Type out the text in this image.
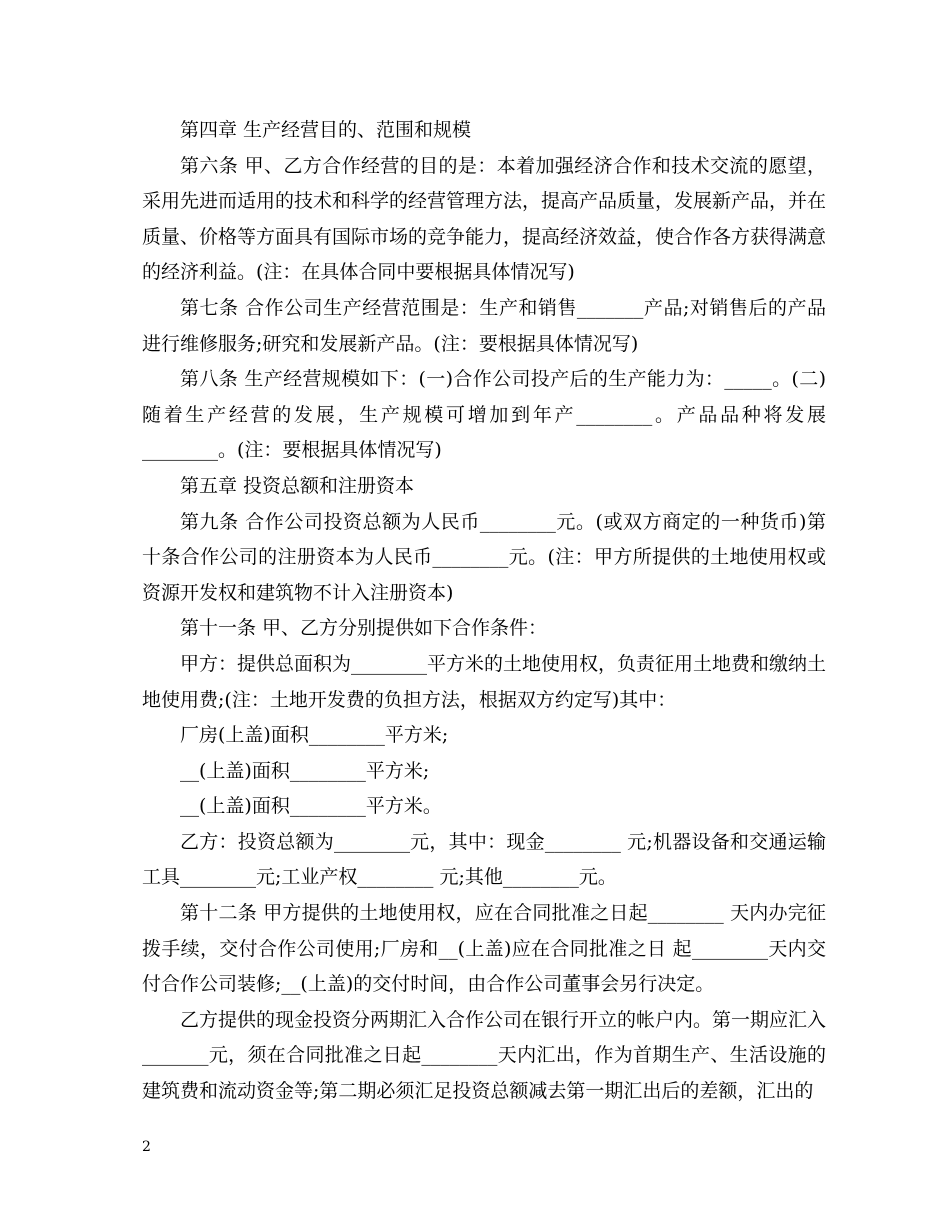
第四章 生产经营目的、范围和规模

第六条 甲、乙方合作经营的目的是：本着加强经济合作和技术交流的愿望，采用先进而适用的技术和科学的经营管理方法，提高产品质量，发展新产品，并在质量、价格等方面具有国际市场的竞争能力，提高经济效益，使合作各方获得满意的经济利益。(注：在具体合同中要根据具体情况写)

第七条 合作公司生产经营范围是：生产和销售_______产品;对销售后的产品进行维修服务;研究和发展新产品。(注：要根据具体情况写)

第八条 生产经营规模如下：(一)合作公司投产后的生产能力为：_____。(二)随着生产经营的发展，生产规模可增加到年产________。产品品种将发展________。(注：要根据具体情况写)

第五章 投资总额和注册资本

第九条 合作公司投资总额为人民币________元。(或双方商定的一种货币)第十条合作公司的注册资本为人民币________元。(注：甲方所提供的土地使用权或资源开发权和建筑物不计入注册资本)

第十一条 甲、乙方分别提供如下合作条件：

甲方：提供总面积为________平方米的土地使用权，负责征用土地费和缴纳土地使用费;(注：土地开发费的负担方法，根据双方约定写)其中：

厂房(上盖)面积________平方米;

__(上盖)面积________平方米;

__(上盖)面积________平方米。

乙方：投资总额为________元，其中：现金________ 元;机器设备和交通运输工具________元;工业产权________ 元;其他________元。

第十二条 甲方提供的土地使用权，应在合同批准之日起________ 天内办完征拨手续，交付合作公司使用;厂房和__(上盖)应在合同批准之日 起________天内交付合作公司装修;__(上盖)的交付时间，由合作公司董事会另行决定。

乙方提供的现金投资分两期汇入合作公司在银行开立的帐户内。第一期应汇入_______元，须在合同批准之日起________天内汇出，作为首期生产、生活设施的建筑费和流动资金等;第二期必须汇足投资总额减去第一期汇出后的差额，汇出的

2
